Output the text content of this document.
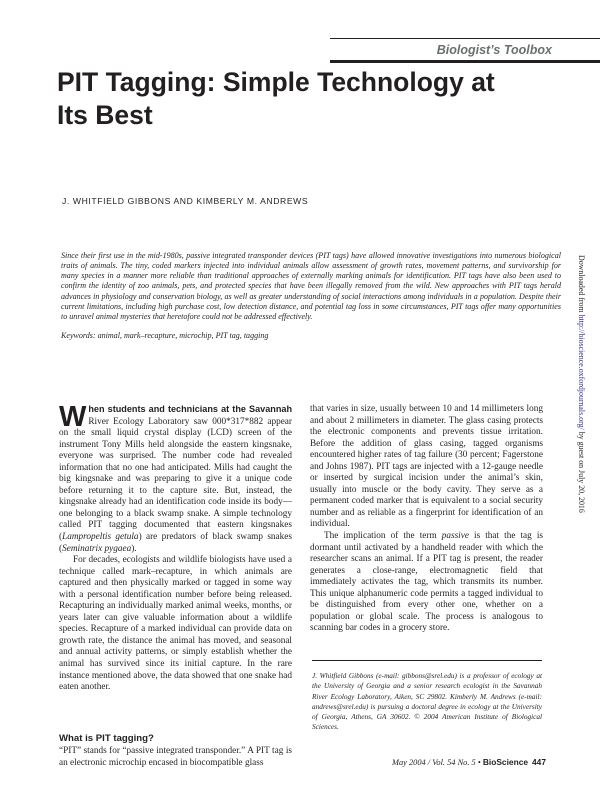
Biologist’s Toolbox
PIT Tagging: Simple Technology at Its Best
J. WHITFIELD GIBBONS AND KIMBERLY M. ANDREWS
Since their first use in the mid-1980s, passive integrated transponder devices (PIT tags) have allowed innovative investigations into numerous biological traits of animals. The tiny, coded markers injected into individual animals allow assessment of growth rates, movement patterns, and survivorship for many species in a manner more reliable than traditional approaches of externally marking animals for identification. PIT tags have also been used to confirm the identity of zoo animals, pets, and protected species that have been illegally removed from the wild. New approaches with PIT tags herald advances in physiology and conservation biology, as well as greater understanding of social interactions among individuals in a population. Despite their current limitations, including high purchase cost, low detection distance, and potential tag loss in some circumstances, PIT tags offer many opportunities to unravel animal mysteries that heretofore could not be addressed effectively.
Keywords: animal, mark–recapture, microchip, PIT tag, tagging

When students and technicians at the Savannah River Ecology Laboratory saw 000*317*882 appear on the small liquid crystal display (LCD) screen of the instrument Tony Mills held alongside the eastern kingsnake, everyone was surprised. The number code had revealed information that no one had anticipated. Mills had caught the big kingsnake and was preparing to give it a unique code before returning it to the capture site. But, instead, the kingsnake already had an identification code inside its body—one belonging to a black swamp snake. A simple technology called PIT tagging documented that eastern kingsnakes (Lampropeltis getula) are predators of black swamp snakes (Seminatrix pygaea).

For decades, ecologists and wildlife biologists have used a technique called mark–recapture, in which animals are captured and then physically marked or tagged in some way with a personal identification number before being released. Recapturing an individually marked animal weeks, months, or years later can give valuable information about a wildlife species. Recapture of a marked individual can provide data on growth rate, the distance the animal has moved, and seasonal and annual activity patterns, or simply establish whether the animal has survived since its initial capture. In the rare instance mentioned above, the data showed that one snake had eaten another.

What is PIT tagging?

“PIT” stands for “passive integrated transponder.” A PIT tag is an electronic microchip encased in biocompatible glass

that varies in size, usually between 10 and 14 millimeters long and about 2 millimeters in diameter. The glass casing protects the electronic components and prevents tissue irritation. Before the addition of glass casing, tagged organisms encountered higher rates of tag failure (30 percent; Fagerstone and Johns 1987). PIT tags are injected with a 12-gauge needle or inserted by surgical incision under the animal’s skin, usually into muscle or the body cavity. They serve as a permanent coded marker that is equivalent to a social security number and as reliable as a fingerprint for identification of an individual.

The implication of the term passive is that the tag is dormant until activated by a handheld reader with which the researcher scans an animal. If a PIT tag is present, the reader generates a close-range, electromagnetic field that immediately activates the tag, which transmits its number. This unique alphanumeric code permits a tagged individual to be distinguished from every other one, whether on a population or global scale. The process is analogous to scanning bar codes in a grocery store.

J. Whitfield Gibbons (e-mail: gibbons@srel.edu) is a professor of ecology at the University of Georgia and a senior research ecologist in the Savannah River Ecology Laboratory, Aiken, SC 29802. Kimberly M. Andrews (e-mail: andrews@srel.edu) is pursuing a doctoral degree in ecology at the University of Georgia, Athens, GA 30602. © 2004 American Institute of Biological Sciences.

May 2004 / Vol. 54 No. 5 • BioScience 447
Downloaded from http://bioscience.oxfordjournals.org/ by guest on July 20, 2016
